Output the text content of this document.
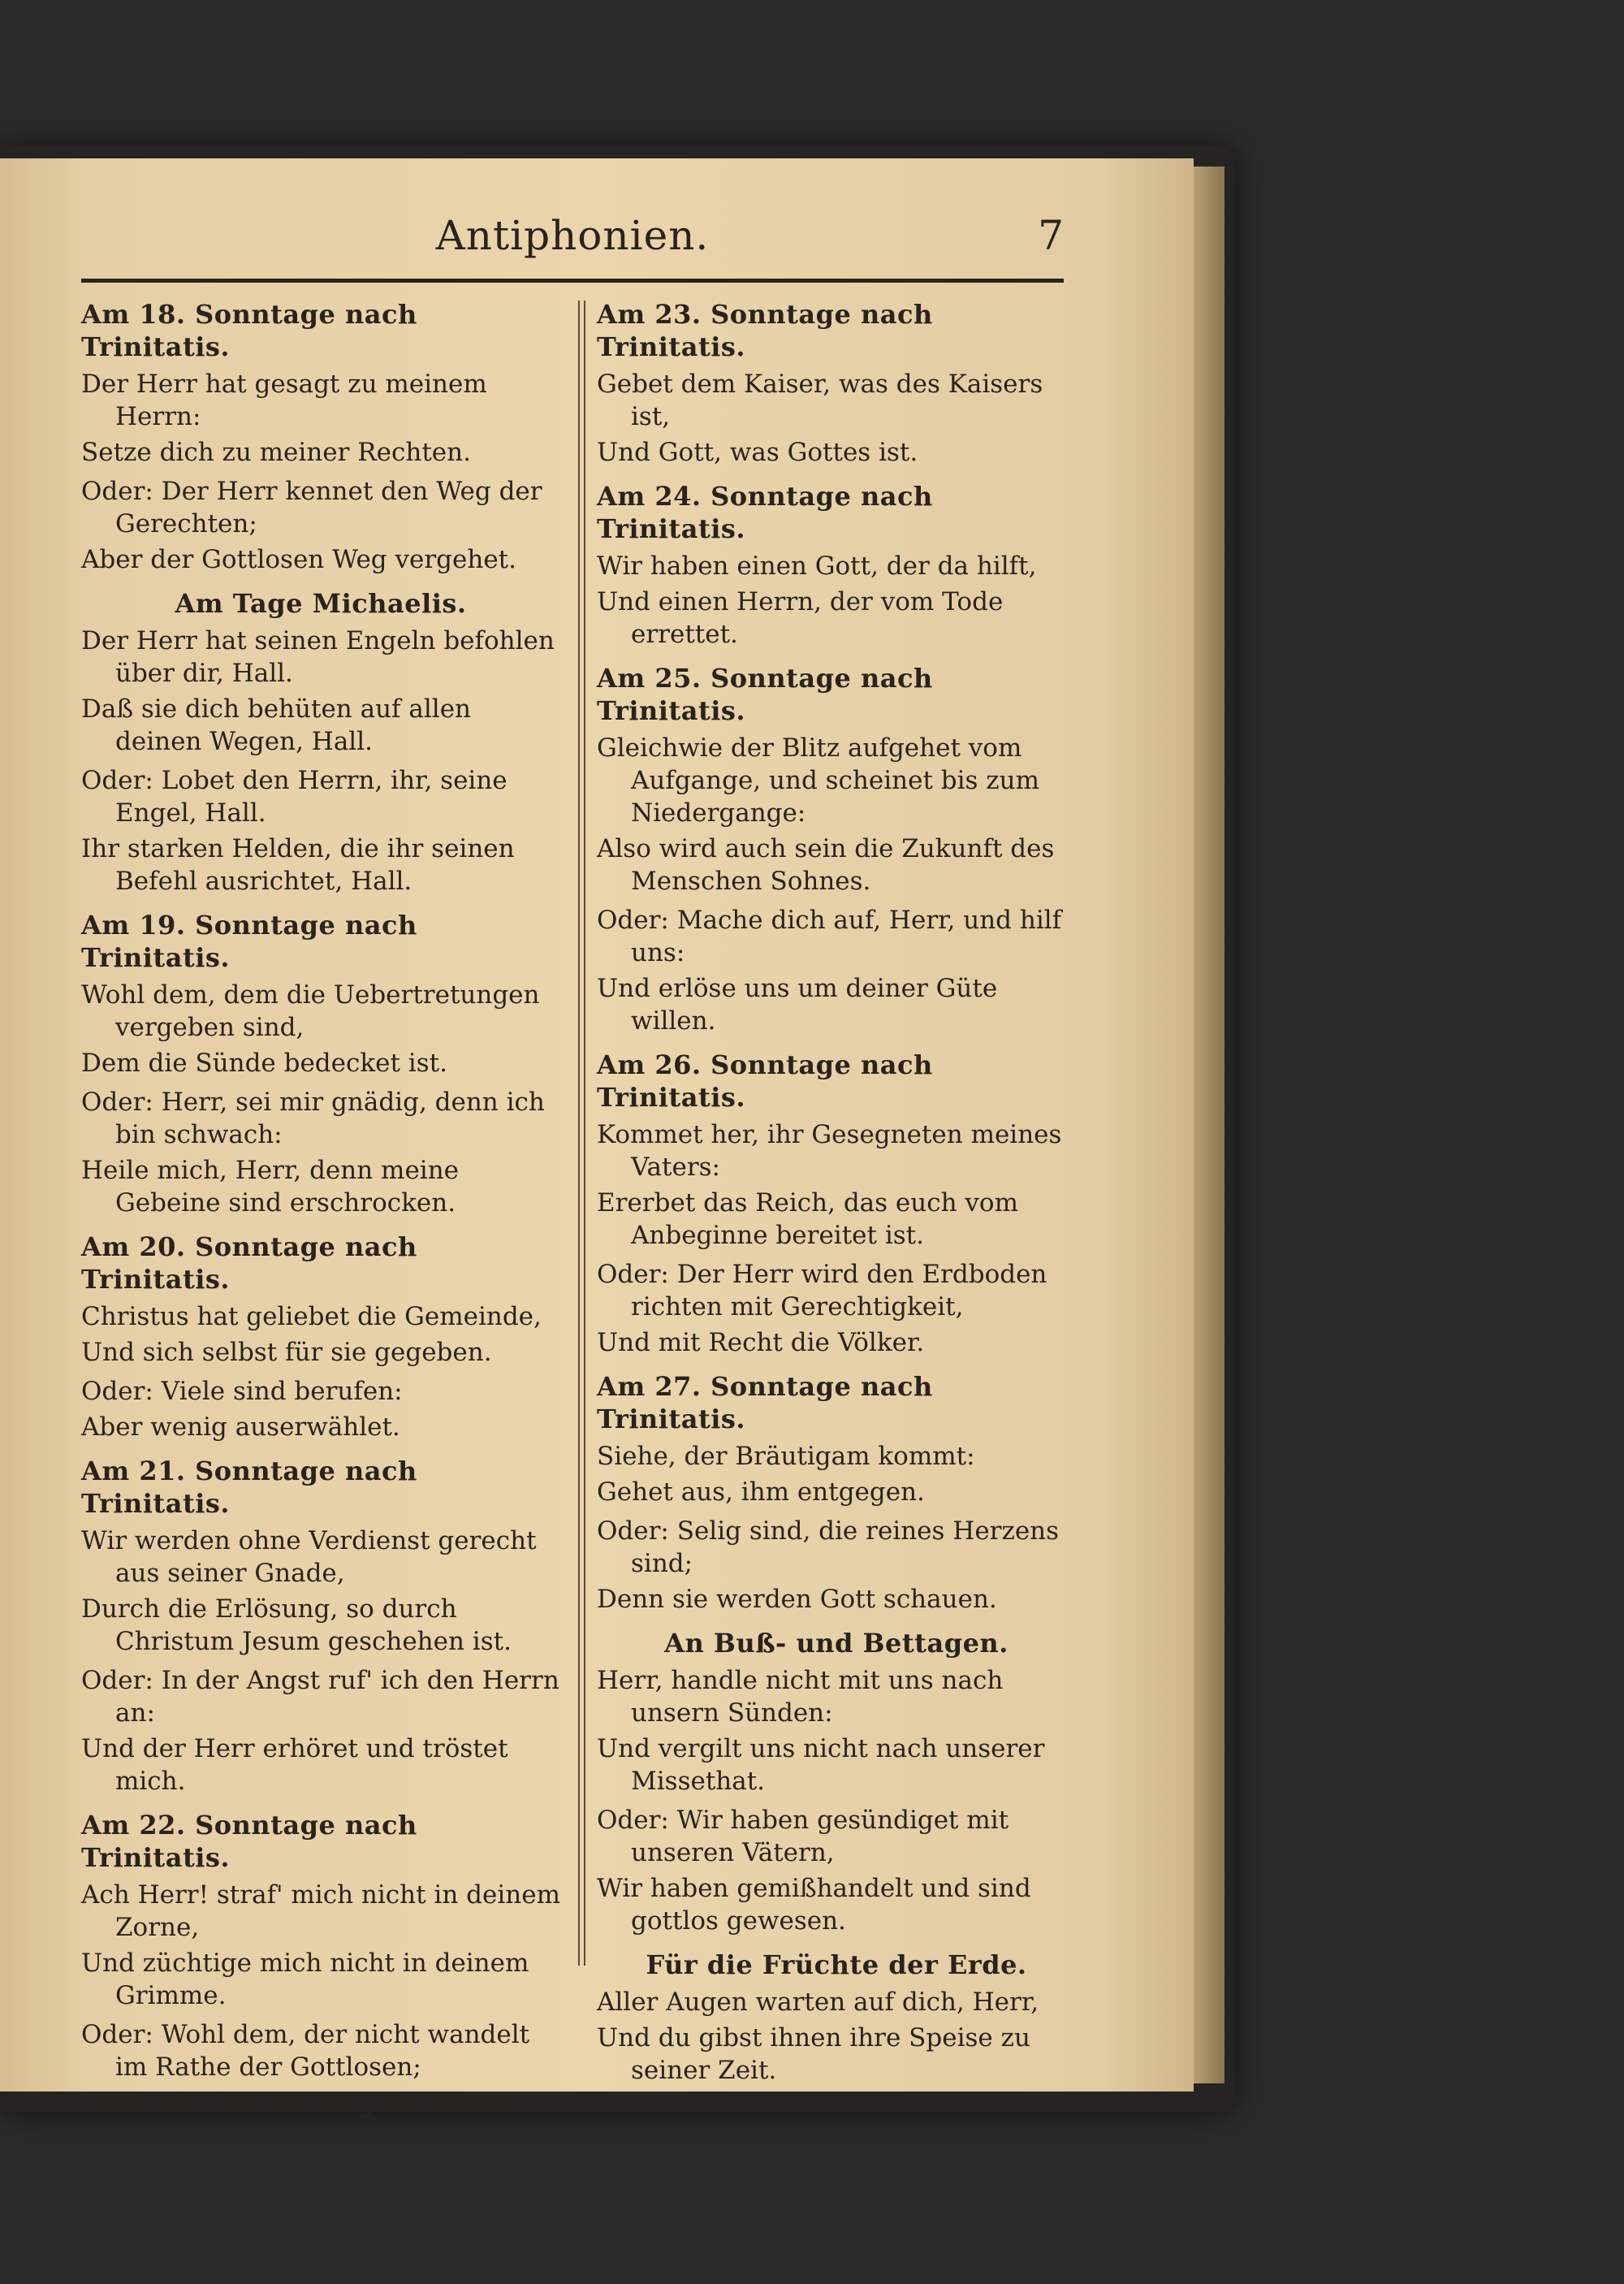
Antiphonien.	7
Am 18. Sonntage nach Trinitatis.

Der Herr hat gesagt zu meinem Herrn:

Setze dich zu meiner Rechten.

Oder: Der Herr kennet den Weg der Gerechten;

Aber der Gottlosen Weg vergehet.

Am Tage Michaelis.

Der Herr hat seinen Engeln befohlen über dir, Hall.

Daß sie dich behüten auf allen deinen Wegen, Hall.

Oder: Lobet den Herrn, ihr, seine Engel, Hall.

Ihr starken Helden, die ihr seinen Befehl ausrichtet, Hall.

Am 19. Sonntage nach Trinitatis.

Wohl dem, dem die Uebertretungen vergeben sind,

Dem die Sünde bedecket ist.

Oder: Herr, sei mir gnädig, denn ich bin schwach:

Heile mich, Herr, denn meine Gebeine sind erschrocken.

Am 20. Sonntage nach Trinitatis.

Christus hat geliebet die Gemeinde,

Und sich selbst für sie gegeben.

Oder: Viele sind berufen:

Aber wenig auserwählet.

Am 21. Sonntage nach Trinitatis.

Wir werden ohne Verdienst gerecht aus seiner Gnade,

Durch die Erlösung, so durch Christum Jesum geschehen ist.

Oder: In der Angst ruf' ich den Herrn an:

Und der Herr erhöret und tröstet mich.

Am 22. Sonntage nach Trinitatis.

Ach Herr! straf' mich nicht in deinem Zorne,

Und züchtige mich nicht in deinem Grimme.

Oder: Wohl dem, der nicht wandelt im Rathe der Gottlosen;

Noch tritt auf den Weg der Sünder.

Am 23. Sonntage nach Trinitatis.

Gebet dem Kaiser, was des Kaisers ist,

Und Gott, was Gottes ist.

Am 24. Sonntage nach Trinitatis.

Wir haben einen Gott, der da hilft,

Und einen Herrn, der vom Tode errettet.

Am 25. Sonntage nach Trinitatis.

Gleichwie der Blitz aufgehet vom Aufgange, und scheinet bis zum Niedergange:

Also wird auch sein die Zukunft des Menschen Sohnes.

Oder: Mache dich auf, Herr, und hilf uns:

Und erlöse uns um deiner Güte willen.

Am 26. Sonntage nach Trinitatis.

Kommet her, ihr Gesegneten meines Vaters:

Ererbet das Reich, das euch vom Anbeginne bereitet ist.

Oder: Der Herr wird den Erdboden richten mit Gerechtigkeit,

Und mit Recht die Völker.

Am 27. Sonntage nach Trinitatis.

Siehe, der Bräutigam kommt:

Gehet aus, ihm entgegen.

Oder: Selig sind, die reines Herzens sind;

Denn sie werden Gott schauen.

An Buß- und Bettagen.

Herr, handle nicht mit uns nach unsern Sünden:

Und vergilt uns nicht nach unserer Missethat.

Oder: Wir haben gesündiget mit unseren Vätern,

Wir haben gemißhandelt und sind gottlos gewesen.

Für die Früchte der Erde.

Aller Augen warten auf dich, Herr,

Und du gibst ihnen ihre Speise zu seiner Zeit.
